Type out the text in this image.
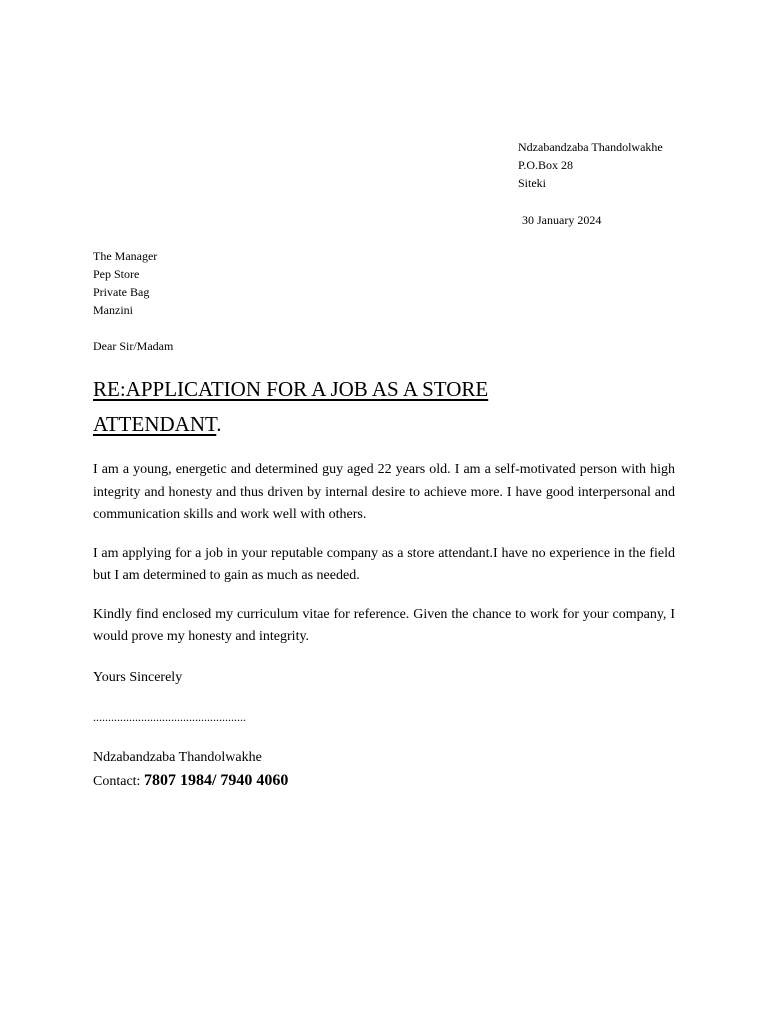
Ndzabandzaba Thandolwakhe
P.O.Box 28
Siteki
30 January 2024
The Manager
Pep Store
Private Bag
Manzini
Dear Sir/Madam
RE:APPLICATION FOR A JOB AS A STORE
ATTENDANT.

I am a young, energetic and determined guy aged 22 years old. I am a self-motivated person with high integrity and honesty and thus driven by internal desire to achieve more. I have good interpersonal and communication skills and work well with others.

I am applying for a job in your reputable company as a store attendant.I have no experience in the field but I am determined to gain as much as needed.

Kindly find enclosed my curriculum vitae for reference. Given the chance to work for your company, I would prove my honesty and integrity.

Yours Sincerely
...................................................
Ndzabandzaba Thandolwakhe
Contact: 7807 1984/ 7940 4060
